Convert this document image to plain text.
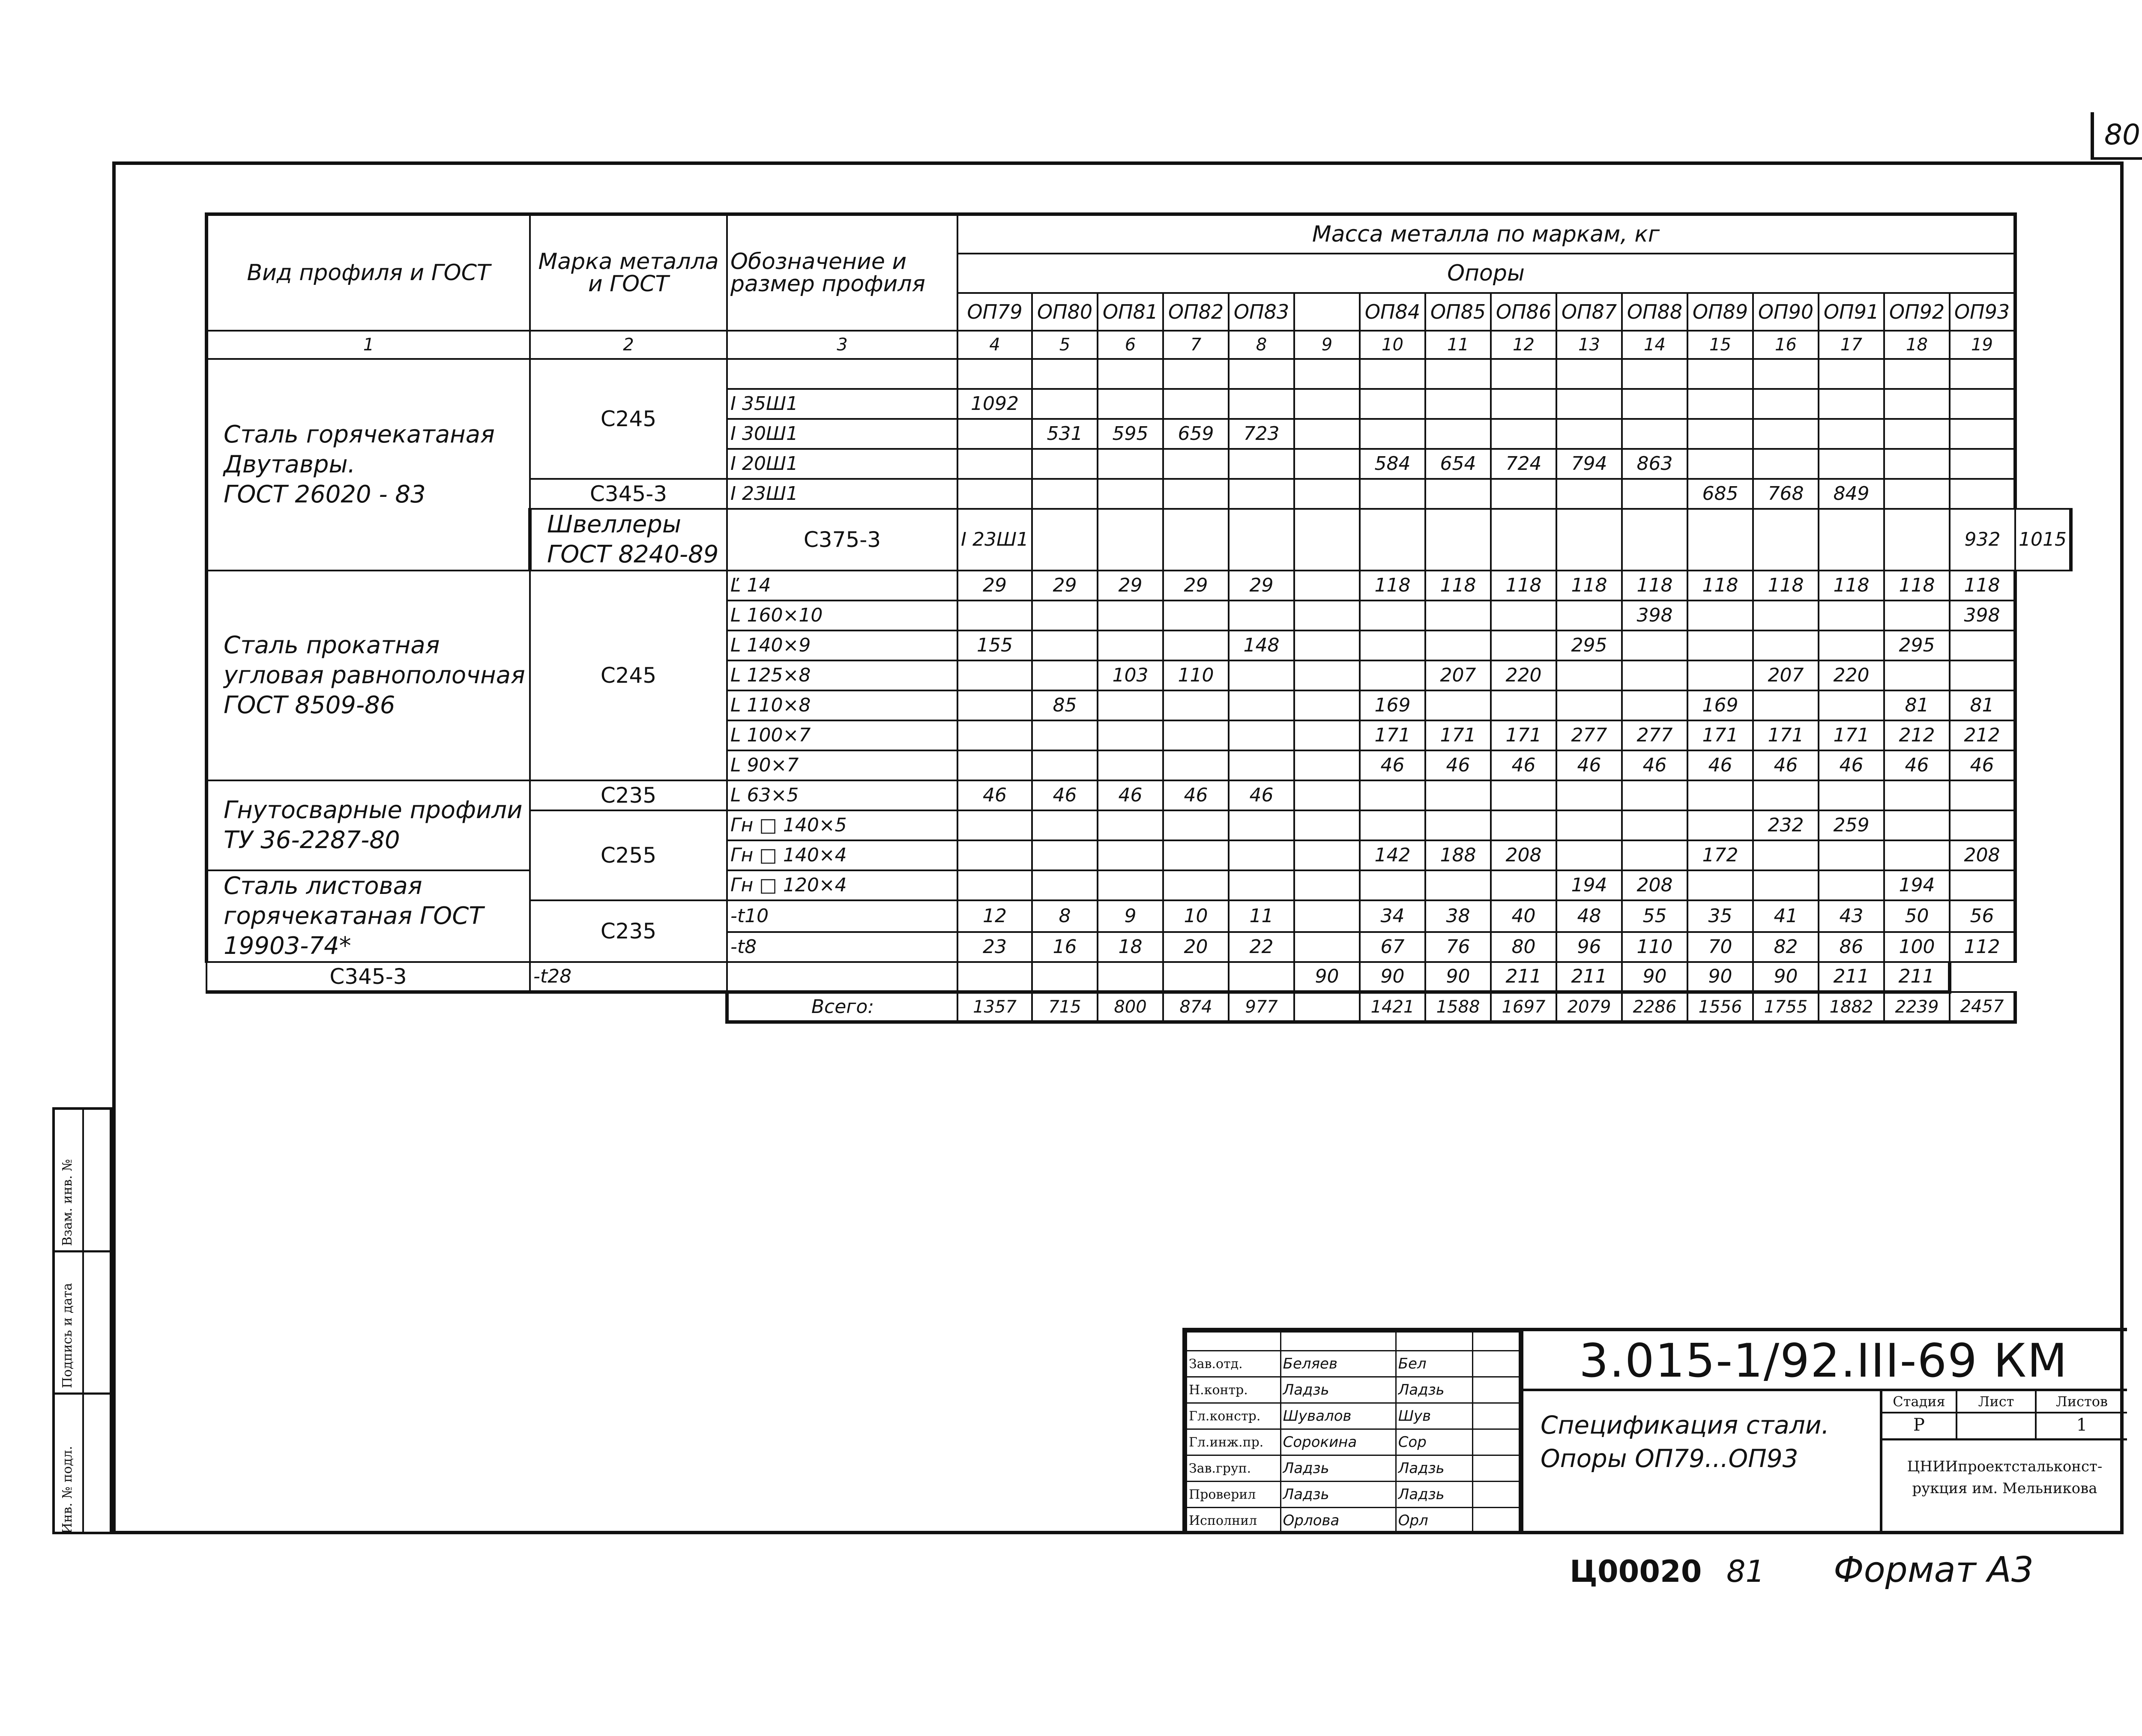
80
Вид профиля и ГОСТ	Марка металла и ГОСТ	Обозначение и размер профиля	Масса металла по маркам, кг																
			Опоры																
			ОП79	ОП80	ОП81	ОП82	ОП83		ОП84	ОП85	ОП86	ОП87	ОП88	ОП89	ОП90	ОП91	ОП92	ОП93	
1	2	3	4	5	6	7	8	9	10	11	12	13	14	15	16	17	18	19	
Сталь горячекатаная Двутавры.
ГОСТ 26020 - 83	С245																		
		I 35Ш1	1092																
		I 30Ш1		531	595	659	723												
		I 20Ш1							584	654	724	794	863						
	С345-3	I 23Ш1												685	768	849			
	Швеллеры ГОСТ 8240-89	С375-3	I 23Ш1															932	1015
Сталь прокатная угловая равнополочная ГОСТ 8509-86	С245	Ľ 14	29	29	29	29	29		118	118	118	118	118	118	118	118	118	118	
		L 160×10											398					398	
		L 140×9	155				148					295					295		
		L 125×8			103	110				207	220				207	220			
		L 110×8		85					169					169			81	81	
		L 100×7							171	171	171	277	277	171	171	171	212	212	
		L 90×7							46	46	46	46	46	46	46	46	46	46	
Гнутосварные профили ТУ 36-2287-80	С235	L 63×5	46	46	46	46	46												
	С255	Гн □ 140×5													232	259			
		Гн □ 140×4							142	188	208			172				208	
Сталь листовая горячекатаная ГОСТ 19903-74*		Гн □ 120×4										194	208				194		
	С235	-t10	12	8	9	10	11		34	38	40	48	55	35	41	43	50	56	
		-t8	23	16	18	20	22		67	76	80	96	110	70	82	86	100	112	
С345-3	-t28							90	90	90	211	211	90	90	90	211	211		
		Всего:	1357	715	800	874	977		1421	1588	1697	2079	2286	1556	1755	1882	2239	2457	
Инв. № подл.
Подпись и дата
Взам. инв. №

Зав.отд.	Беляев	Бел	
Н.контр.	Ладзь	Ладзь	
Гл.констр.	Шувалов	Шув	
Гл.инж.пр.	Сорокина	Сор	
Зав.груп.	Ладзь	Ладзь	
Проверил	Ладзь	Ладзь	
Исполнил	Орлова	Орл	
3.015-1/92.III-69 КМ
Спецификация стали.
Опоры ОП79...ОП93
Стадия
Р
Лист	Листов
1
ЦНИИпроектстальконст-
рукция им. Мельникова
Ц00020 81 Формат А3
